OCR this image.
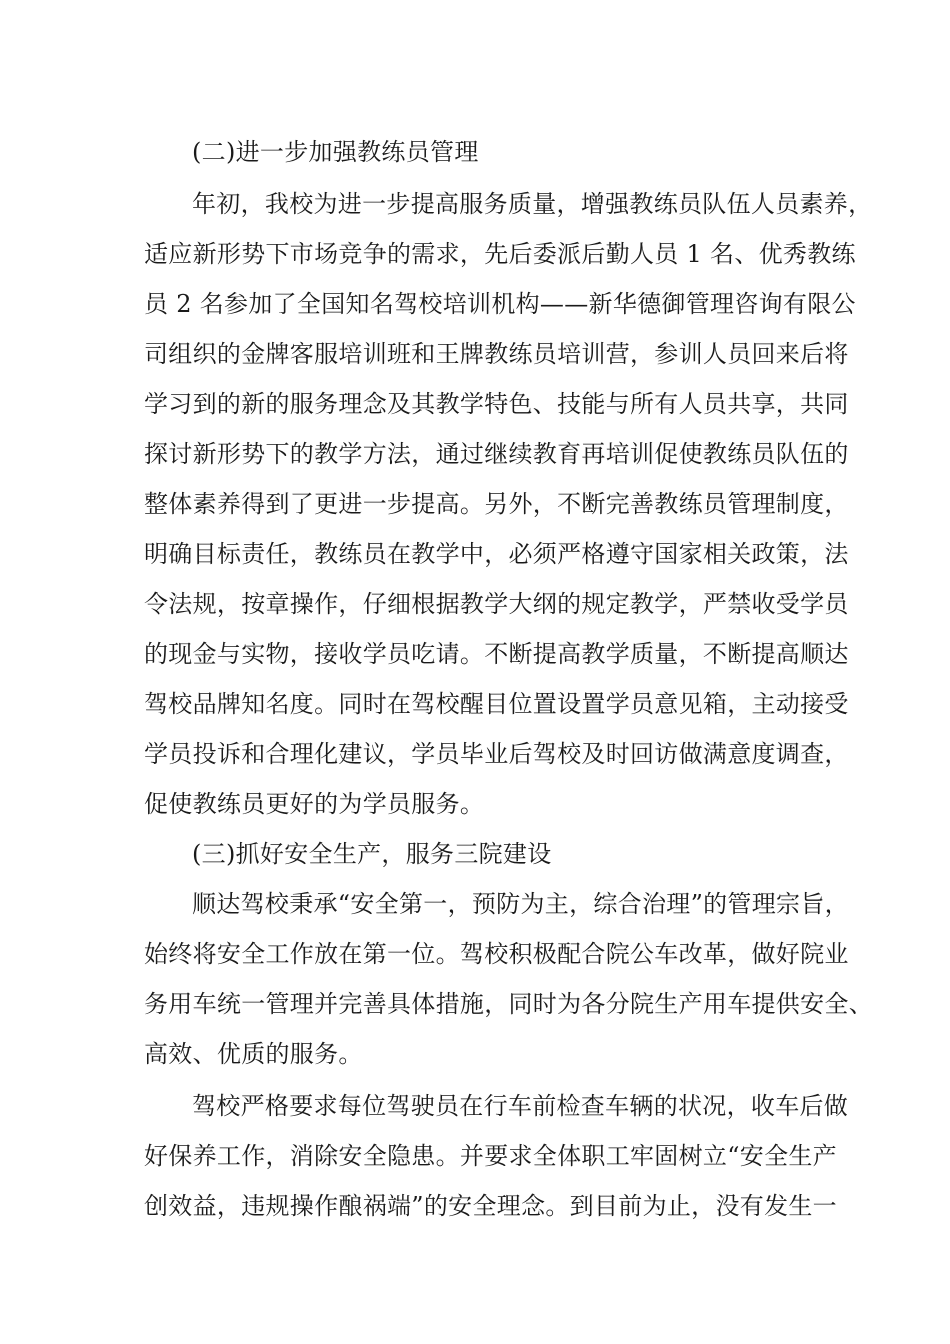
(二)进一步加强教练员管理

年初，我校为进一步提高服务质量，增强教练员队伍人员素养，

适应新形势下市场竞争的需求，先后委派后勤人员 1 名、优秀教练

员 2 名参加了全国知名驾校培训机构——新华德御管理咨询有限公

司组织的金牌客服培训班和王牌教练员培训营，参训人员回来后将

学习到的新的服务理念及其教学特色、技能与所有人员共享，共同

探讨新形势下的教学方法，通过继续教育再培训促使教练员队伍的

整体素养得到了更进一步提高。另外，不断完善教练员管理制度，

明确目标责任，教练员在教学中，必须严格遵守国家相关政策，法

令法规，按章操作，仔细根据教学大纲的规定教学，严禁收受学员

的现金与实物，接收学员吃请。不断提高教学质量，不断提高顺达

驾校品牌知名度。同时在驾校醒目位置设置学员意见箱，主动接受

学员投诉和合理化建议，学员毕业后驾校及时回访做满意度调查，

促使教练员更好的为学员服务。

(三)抓好安全生产，服务三院建设

顺达驾校秉承“安全第一，预防为主，综合治理”的管理宗旨，

始终将安全工作放在第一位。驾校积极配合院公车改革，做好院业

务用车统一管理并完善具体措施，同时为各分院生产用车提供安全、

高效、优质的服务。

驾校严格要求每位驾驶员在行车前检查车辆的状况，收车后做

好保养工作，消除安全隐患。并要求全体职工牢固树立“安全生产

创效益，违规操作酿祸端”的安全理念。到目前为止，没有发生一
